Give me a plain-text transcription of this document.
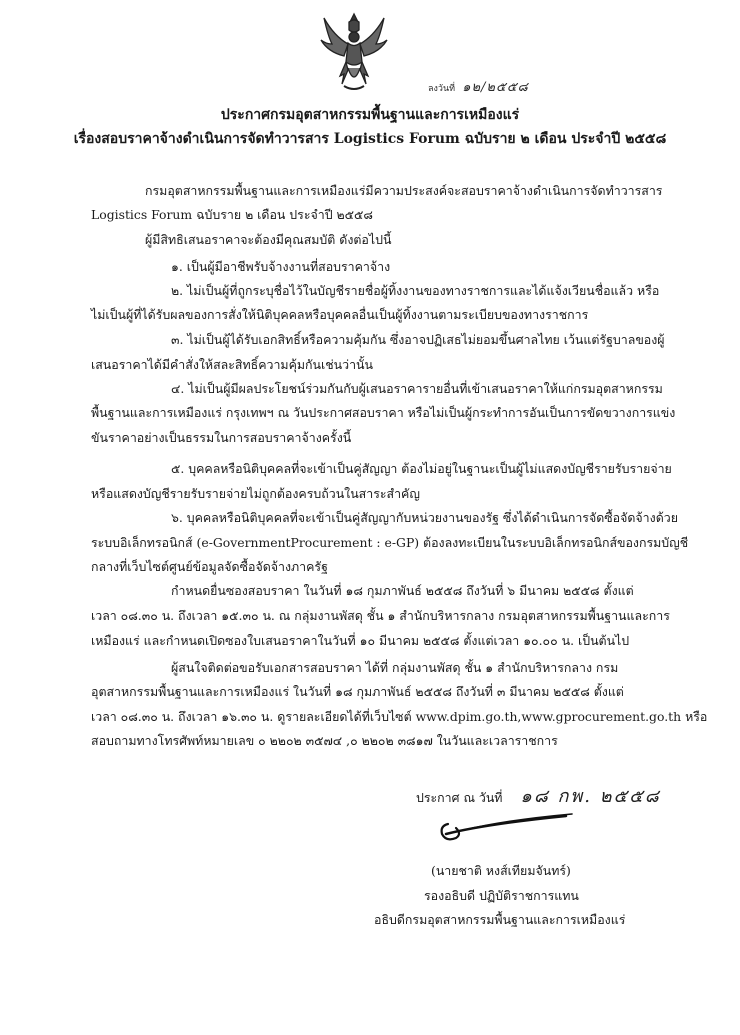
ลงวันที่ ๑๒/๒๕๕๘
ประกาศกรมอุตสาหกรรมพื้นฐานและการเหมืองแร่
เรื่องสอบราคาจ้างดำเนินการจัดทำวารสาร Logistics Forum ฉบับราย ๒ เดือน ประจำปี ๒๕๕๘
กรมอุตสาหกรรมพื้นฐานและการเหมืองแร่มีความประสงค์จะสอบราคาจ้างดำเนินการจัดทำวารสาร
Logistics Forum ฉบับราย ๒ เดือน ประจำปี ๒๕๕๘
ผู้มีสิทธิเสนอราคาจะต้องมีคุณสมบัติ ดังต่อไปนี้
๑. เป็นผู้มีอาชีพรับจ้างงานที่สอบราคาจ้าง
๒. ไม่เป็นผู้ที่ถูกระบุชื่อไว้ในบัญชีรายชื่อผู้ทิ้งงานของทางราชการและได้แจ้งเวียนชื่อแล้ว หรือ
ไม่เป็นผู้ที่ได้รับผลของการสั่งให้นิติบุคคลหรือบุคคลอื่นเป็นผู้ทิ้งงานตามระเบียบของทางราชการ
๓. ไม่เป็นผู้ได้รับเอกสิทธิ์หรือความคุ้มกัน ซึ่งอาจปฏิเสธไม่ยอมขึ้นศาลไทย เว้นแต่รัฐบาลของผู้
เสนอราคาได้มีคำสั่งให้สละสิทธิ์ความคุ้มกันเช่นว่านั้น
๔. ไม่เป็นผู้มีผลประโยชน์ร่วมกันกับผู้เสนอราคารายอื่นที่เข้าเสนอราคาให้แก่กรมอุตสาหกรรม
พื้นฐานและการเหมืองแร่ กรุงเทพฯ ณ วันประกาศสอบราคา หรือไม่เป็นผู้กระทำการอันเป็นการขัดขวางการแข่ง
ขันราคาอย่างเป็นธรรมในการสอบราคาจ้างครั้งนี้
๕. บุคคลหรือนิติบุคคลที่จะเข้าเป็นคู่สัญญา ต้องไม่อยู่ในฐานะเป็นผู้ไม่แสดงบัญชีรายรับรายจ่าย
หรือแสดงบัญชีรายรับรายจ่ายไม่ถูกต้องครบถ้วนในสาระสำคัญ
๖. บุคคลหรือนิติบุคคลที่จะเข้าเป็นคู่สัญญากับหน่วยงานของรัฐ ซึ่งได้ดำเนินการจัดซื้อจัดจ้างด้วย
ระบบอิเล็กทรอนิกส์ (e-GovernmentProcurement : e-GP) ต้องลงทะเบียนในระบบอิเล็กทรอนิกส์ของกรมบัญชี
กลางที่เว็บไซต์ศูนย์ข้อมูลจัดซื้อจัดจ้างภาครัฐ
กำหนดยื่นซองสอบราคา ในวันที่ ๑๘ กุมภาพันธ์ ๒๕๕๘ ถึงวันที่ ๖ มีนาคม ๒๕๕๘ ตั้งแต่
เวลา ๐๘.๓๐ น. ถึงเวลา ๑๕.๓๐ น. ณ กลุ่มงานพัสดุ ชั้น ๑ สำนักบริหารกลาง กรมอุตสาหกรรมพื้นฐานและการ
เหมืองแร่ และกำหนดเปิดซองใบเสนอราคาในวันที่ ๑๐ มีนาคม ๒๕๕๘ ตั้งแต่เวลา ๑๐.๐๐ น. เป็นต้นไป
ผู้สนใจติดต่อขอรับเอกสารสอบราคา ได้ที่ กลุ่มงานพัสดุ ชั้น ๑ สำนักบริหารกลาง กรม
อุตสาหกรรมพื้นฐานและการเหมืองแร่ ในวันที่ ๑๘ กุมภาพันธ์ ๒๕๕๘ ถึงวันที่ ๓ มีนาคม ๒๕๕๘ ตั้งแต่
เวลา ๐๘.๓๐ น. ถึงเวลา ๑๖.๓๐ น. ดูรายละเอียดได้ที่เว็บไซต์ www.dpim.go.th,www.gprocurement.go.th หรือ
สอบถามทางโทรศัพท์หมายเลข ๐ ๒๒๐๒ ๓๕๗๔ ,๐ ๒๒๐๒ ๓๘๑๗ ในวันและเวลาราชการ
ประกาศ ณ วันที่ ๑๘ กพ. ๒๕๕๘
(นายชาติ หงส์เทียมจันทร์)
รองอธิบดี ปฏิบัติราชการแทน
อธิบดีกรมอุตสาหกรรมพื้นฐานและการเหมืองแร่
